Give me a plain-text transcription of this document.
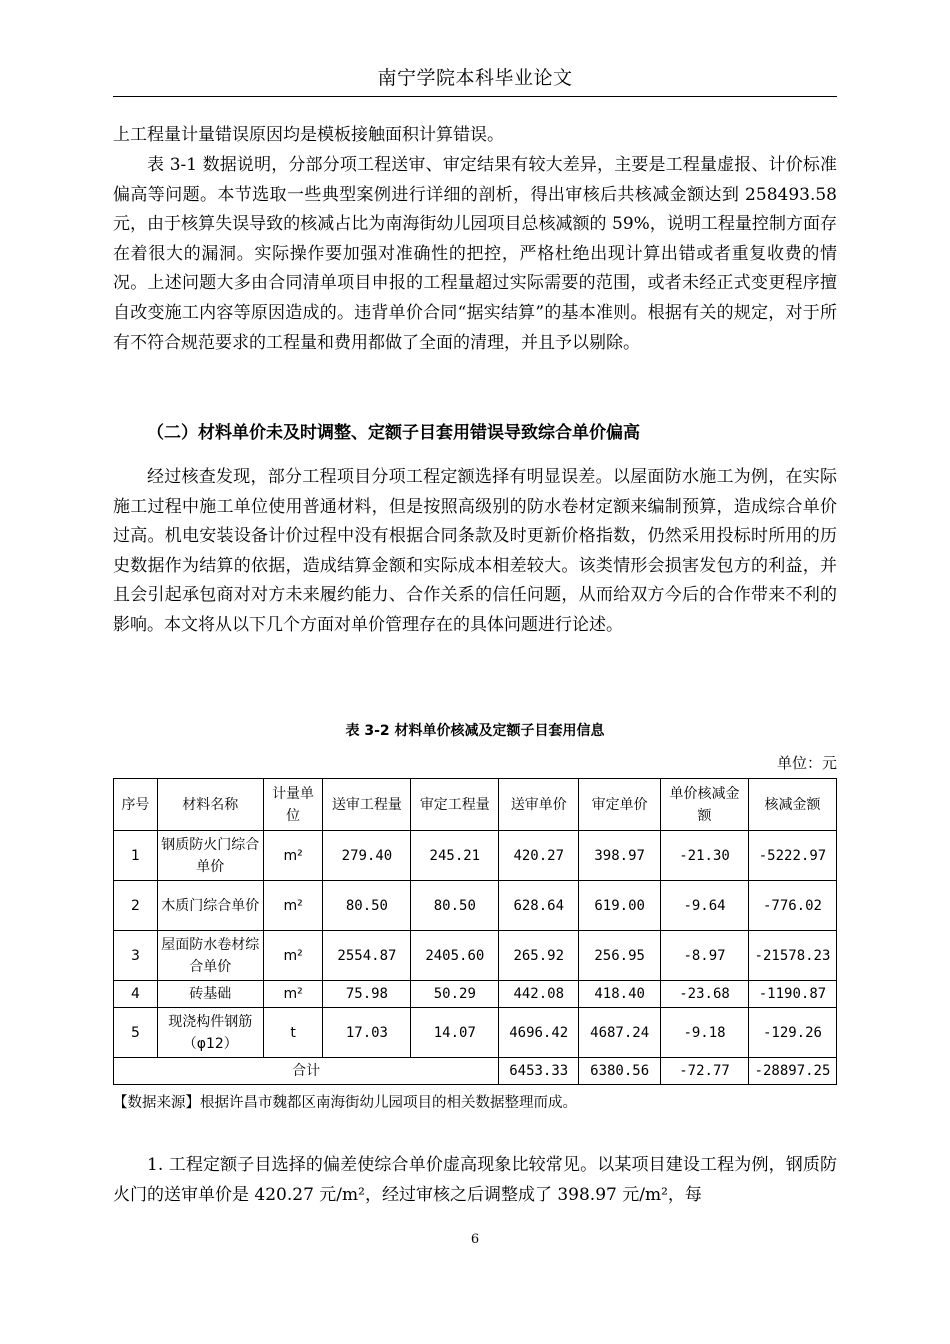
南宁学院本科毕业论文

上工程量计量错误原因均是模板接触面积计算错误。

表 3-1 数据说明，分部分项工程送审、审定结果有较大差异，主要是工程量虚报、计价标准偏高等问题。本节选取一些典型案例进行详细的剖析，得出审核后共核减金额达到 258493.58 元，由于核算失误导致的核减占比为南海街幼儿园项目总核减额的 59%，说明工程量控制方面存在着很大的漏洞。实际操作要加强对准确性的把控，严格杜绝出现计算出错或者重复收费的情况。上述问题大多由合同清单项目申报的工程量超过实际需要的范围，或者未经正式变更程序擅自改变施工内容等原因造成的。违背单价合同“据实结算”的基本准则。根据有关的规定，对于所有不符合规范要求的工程量和费用都做了全面的清理，并且予以剔除。

（二）材料单价未及时调整、定额子目套用错误导致综合单价偏高

经过核查发现，部分工程项目分项工程定额选择有明显误差。以屋面防水施工为例，在实际施工过程中施工单位使用普通材料，但是按照高级别的防水卷材定额来编制预算，造成综合单价过高。机电安装设备计价过程中没有根据合同条款及时更新价格指数，仍然采用投标时所用的历史数据作为结算的依据，造成结算金额和实际成本相差较大。该类情形会损害发包方的利益，并且会引起承包商对对方未来履约能力、合作关系的信任问题，从而给双方今后的合作带来不利的影响。本文将从以下几个方面对单价管理存在的具体问题进行论述。

表 3-2 材料单价核减及定额子目套用信息
单位：元
序号	材料名称	计量单位	送审工程量	审定工程量	送审单价	审定单价	单价核减金额	核减金额
1	钢质防火门综合单价	m²	279.40	245.21	420.27	398.97	-21.30	-5222.97
2	木质门综合单价	m²	80.50	80.50	628.64	619.00	-9.64	-776.02
3	屋面防水卷材综合单价	m²	2554.87	2405.60	265.92	256.95	-8.97	-21578.23
4	砖基础	m²	75.98	50.29	442.08	418.40	-23.68	-1190.87
5	现浇构件钢筋（φ12）	t	17.03	14.07	4696.42	4687.24	-9.18	-129.26
合计					6453.33	6380.56	-72.77	-28897.25
【数据来源】根据许昌市魏都区南海街幼儿园项目的相关数据整理而成。

1. 工程定额子目选择的偏差使综合单价虚高现象比较常见。以某项目建设工程为例，钢质防火门的送审单价是 420.27 元/m²，经过审核之后调整成了 398.97 元/m²，每

6
